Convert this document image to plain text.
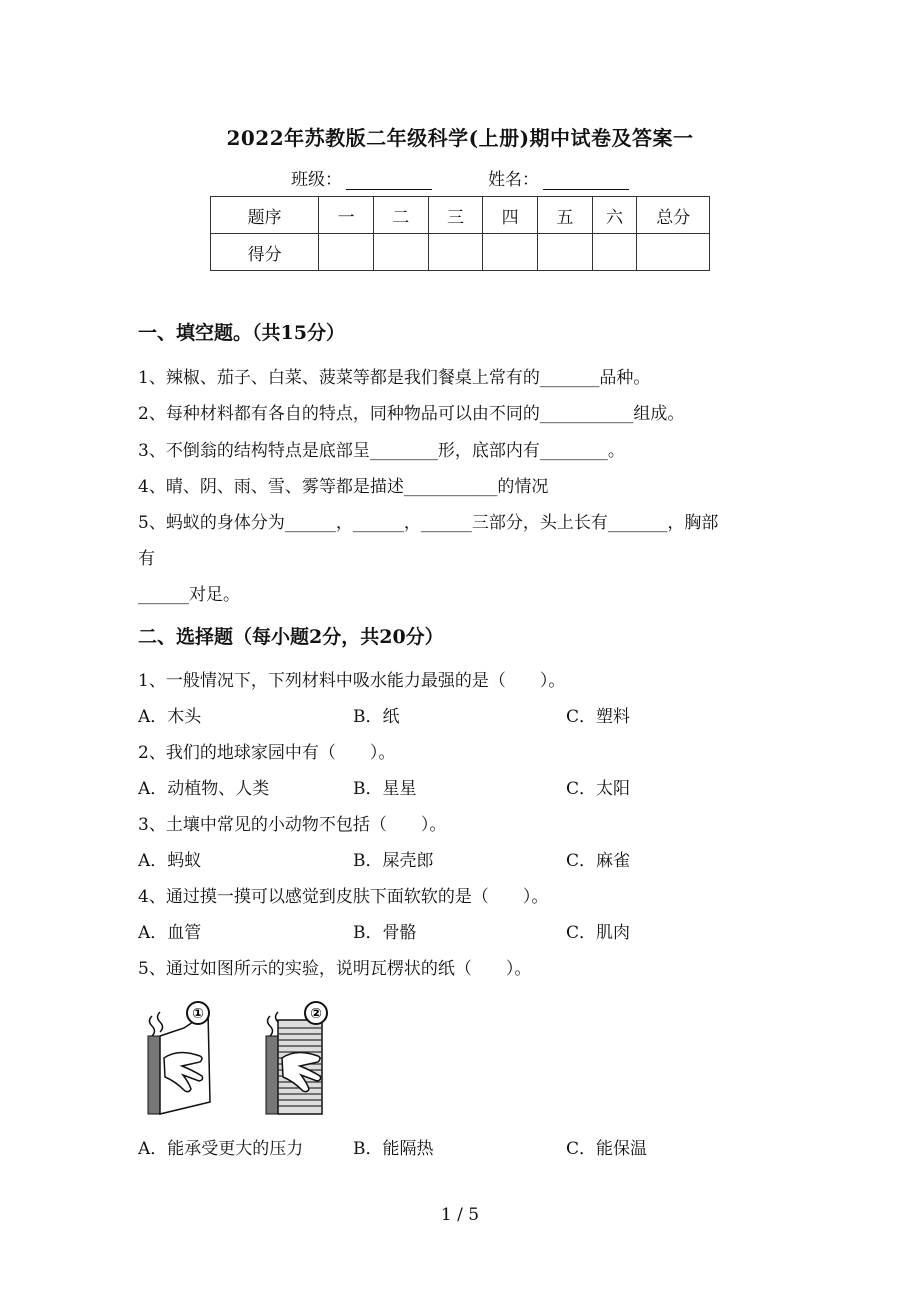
2022年苏教版二年级科学(上册)期中试卷及答案一
班级：	姓名：
题序	一	二	三	四	五	六	总分
得分							
一、填空题。（共15分）
1、辣椒、茄子、白菜、菠菜等都是我们餐桌上常有的_______品种。
2、每种材料都有各自的特点，同种物品可以由不同的___________组成。
3、不倒翁的结构特点是底部呈________形，底部内有________。
4、晴、阴、雨、雪、雾等都是描述___________的情况
5、蚂蚁的身体分为______，______，______三部分，头上长有_______，胸部
有
______对足。
二、选择题（每小题2分，共20分）
1、一般情况下，下列材料中吸水能力最强的是（　　）。
A．木头	B．纸	C．塑料
2、我们的地球家园中有（　　）。
A．动植物、人类	B．星星	C．太阳
3、土壤中常见的小动物不包括（　　）。
A．蚂蚁	B．屎壳郎	C．麻雀
4、通过摸一摸可以感觉到皮肤下面软软的是（　　）。
A．血管	B．骨骼	C．肌肉
5、通过如图所示的实验，说明瓦楞状的纸（　　）。
①	②
A．能承受更大的压力	B．能隔热	C．能保温
1 / 5
